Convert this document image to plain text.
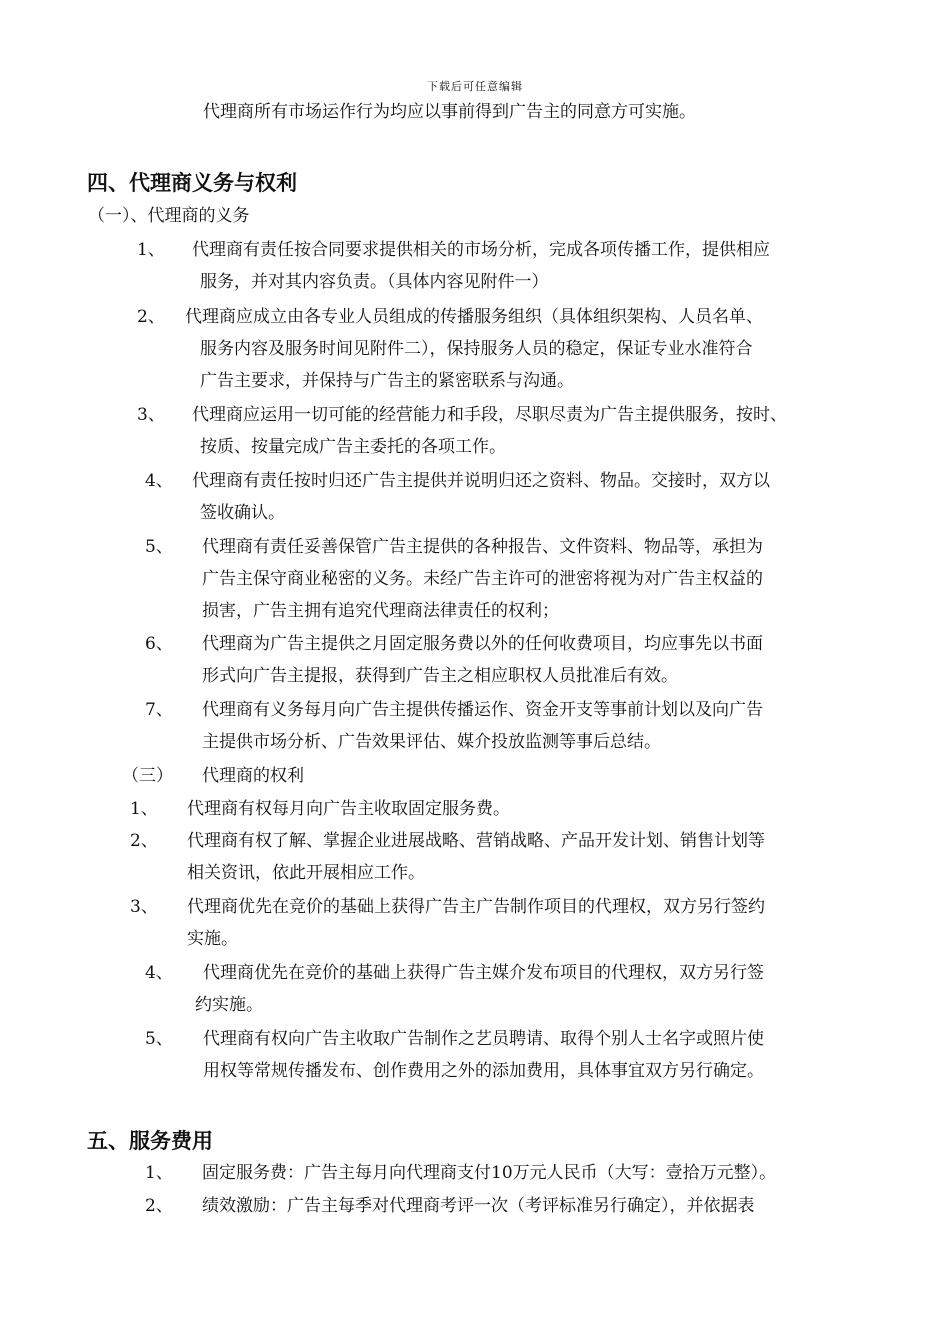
下载后可任意编辑
代理商所有市场运作行为均应以事前得到广告主的同意方可实施。
四、代理商义务与权利
（一）、代理商的义务
1、 代理商有责任按合同要求提供相关的市场分析，完成各项传播工作，提供相应
服务，并对其内容负责。（具体内容见附件一）
2、 代理商应成立由各专业人员组成的传播服务组织（具体组织架构、人员名单、
服务内容及服务时间见附件二），保持服务人员的稳定，保证专业水准符合
广告主要求，并保持与广告主的紧密联系与沟通。
3、 代理商应运用一切可能的经营能力和手段，尽职尽责为广告主提供服务，按时、
按质、按量完成广告主委托的各项工作。
4、 代理商有责任按时归还广告主提供并说明归还之资料、物品。交接时，双方以
签收确认。
5、 代理商有责任妥善保管广告主提供的各种报告、文件资料、物品等，承担为
广告主保守商业秘密的义务。未经广告主许可的泄密将视为对广告主权益的
损害，广告主拥有追究代理商法律责任的权利；
6、 代理商为广告主提供之月固定服务费以外的任何收费项目，均应事先以书面
形式向广告主提报，获得到广告主之相应职权人员批准后有效。
7、 代理商有义务每月向广告主提供传播运作、资金开支等事前计划以及向广告
主提供市场分析、广告效果评估、媒介投放监测等事后总结。
（三） 代理商的权利
1、 代理商有权每月向广告主收取固定服务费。
2、 代理商有权了解、掌握企业进展战略、营销战略、产品开发计划、销售计划等
相关资讯，依此开展相应工作。
3、 代理商优先在竞价的基础上获得广告主广告制作项目的代理权，双方另行签约
实施。
4、 代理商优先在竞价的基础上获得广告主媒介发布项目的代理权，双方另行签
约实施。
5、 代理商有权向广告主收取广告制作之艺员聘请、取得个别人士名字或照片使
用权等常规传播发布、创作费用之外的添加费用，具体事宜双方另行确定。
五、服务费用
1、 固定服务费：广告主每月向代理商支付10万元人民币（大写：壹拾万元整）。
2、 绩效激励：广告主每季对代理商考评一次（考评标准另行确定），并依据表
